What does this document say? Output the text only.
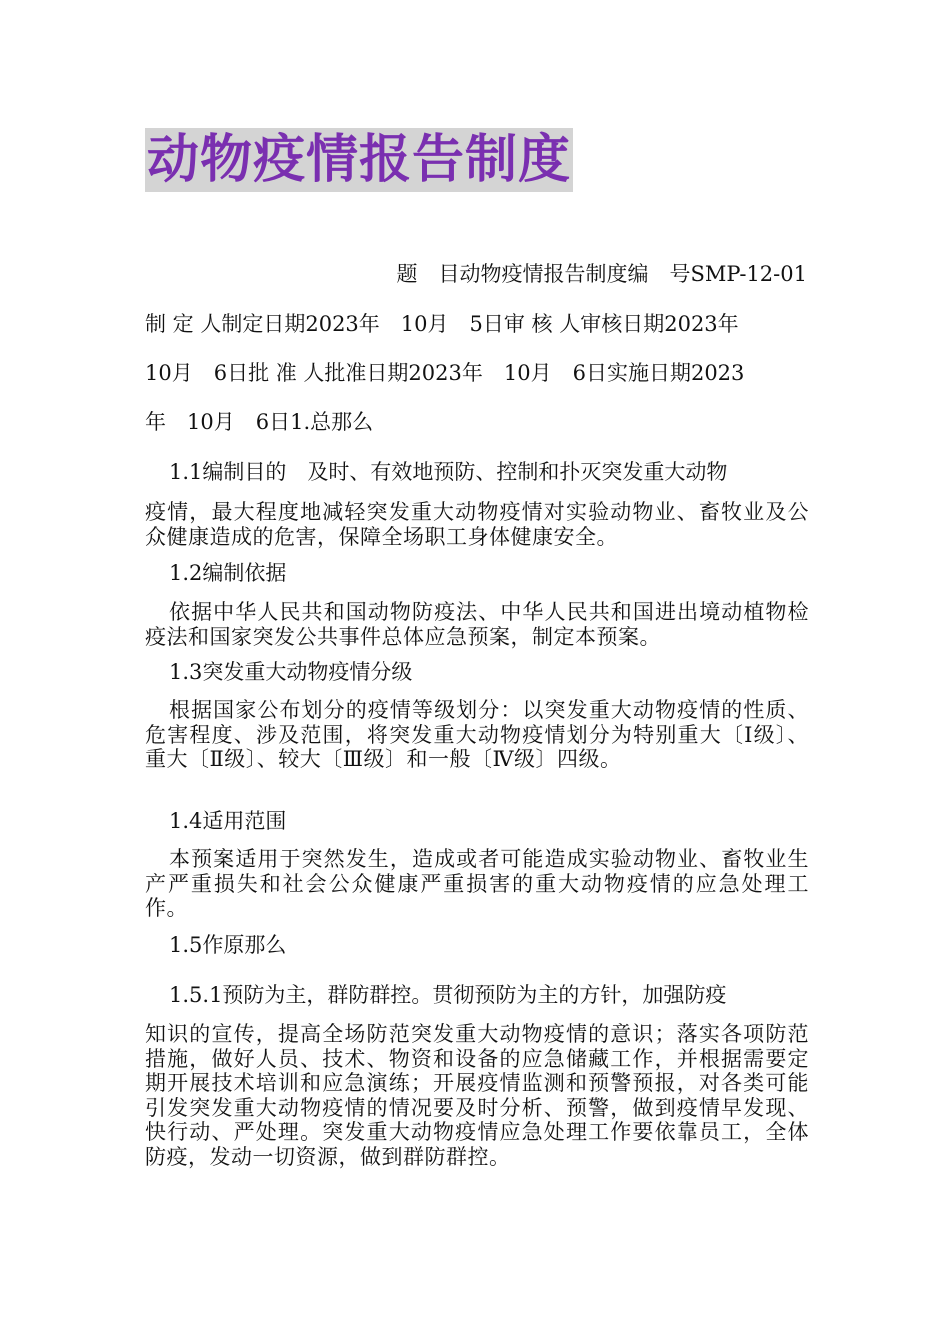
动物疫情报告制度
题　目动物疫情报告制度编　号SMP-12-01
制 定 人制定日期2023年　10月　5日审 核 人审核日期2023年
10月　6日批 准 人批准日期2023年　10月　6日实施日期2023
年　10月　6日1.总那么
1.1编制目的　及时、有效地预防、控制和扑灭突发重大动物
疫情，最大程度地减轻突发重大动物疫情对实验动物业、畜牧业及公众健康造成的危害，保障全场职工身体健康安全。
1.2编制依据
依据中华人民共和国动物防疫法、中华人民共和国进出境动植物检疫法和国家突发公共事件总体应急预案，制定本预案。
1.3突发重大动物疫情分级
根据国家公布划分的疫情等级划分：以突发重大动物疫情的性质、危害程度、涉及范围，将突发重大动物疫情划分为特别重大〔Ⅰ级〕、重大〔Ⅱ级〕、较大〔Ⅲ级〕和一般〔Ⅳ级〕四级。
1.4适用范围
本预案适用于突然发生，造成或者可能造成实验动物业、畜牧业生产严重损失和社会公众健康严重损害的重大动物疫情的应急处理工作。
1.5作原那么
1.5.1预防为主，群防群控。贯彻预防为主的方针，加强防疫
知识的宣传，提高全场防范突发重大动物疫情的意识；落实各项防范措施，做好人员、技术、物资和设备的应急储藏工作，并根据需要定期开展技术培训和应急演练；开展疫情监测和预警预报，对各类可能引发突发重大动物疫情的情况要及时分析、预警，做到疫情早发现、快行动、严处理。突发重大动物疫情应急处理工作要依靠员工，全体防疫，发动一切资源，做到群防群控。
